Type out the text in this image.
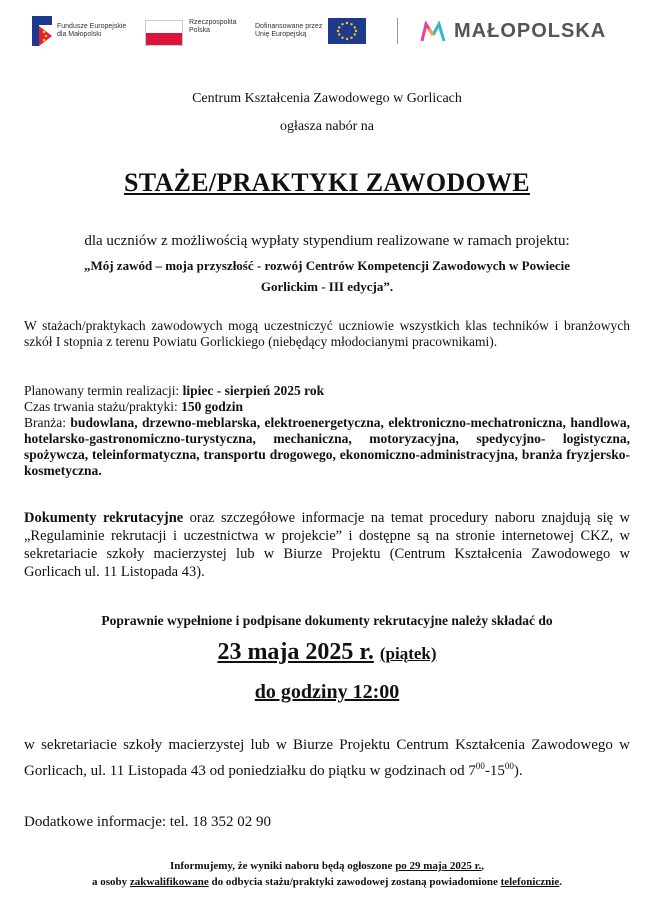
Fundusze Europejskie
dla Małopolski
Rzeczpospolita
Polska
Dofinansowane przez
Unię Europejską	MAŁOPOLSKA
Centrum Kształcenia Zawodowego w Gorlicach
ogłasza nabór na
STAŻE/PRAKTYKI ZAWODOWE
dla uczniów z możliwością wypłaty stypendium realizowane w ramach projektu:
„Mój zawód – moja przyszłość - rozwój Centrów Kompetencji Zawodowych w Powiecie
Gorlickim - III edycja”.
W stażach/praktykach zawodowych mogą uczestniczyć uczniowie wszystkich klas techników i branżowych szkół I stopnia z terenu Powiatu Gorlickiego (niebędący młodocianymi pracownikami).
Planowany termin realizacji: lipiec - sierpień 2025 rok
Czas trwania stażu/praktyki: 150 godzin
Branża: budowlana, drzewno-meblarska, elektroenergetyczna, elektroniczno-mechatroniczna, handlowa, hotelarsko-gastronomiczno-turystyczna, mechaniczna, motoryzacyjna, spedycyjno- logistyczna, spożywcza, teleinformatyczna, transportu drogowego, ekonomiczno-administracyjna, branża fryzjersko-kosmetyczna.
Dokumenty rekrutacyjne oraz szczegółowe informacje na temat procedury naboru znajdują się w „Regulaminie rekrutacji i uczestnictwa w projekcie” i dostępne są na stronie internetowej CKZ, w sekretariacie szkoły macierzystej lub w Biurze Projektu (Centrum Kształcenia Zawodowego w Gorlicach ul. 11 Listopada 43).
Poprawnie wypełnione i podpisane dokumenty rekrutacyjne należy składać do
23 maja 2025 r. (piątek)
do godziny 12:00
w sekretariacie szkoły macierzystej lub w Biurze Projektu Centrum Kształcenia Zawodowego w Gorlicach, ul. 11 Listopada 43 od poniedziałku do piątku w godzinach od $7^{00}-15^{00}$).
Dodatkowe informacje: tel. 18 352 02 90
Informujemy, że wyniki naboru będą ogłoszone po 29 maja 2025 r.,
a osoby zakwalifikowane do odbycia stażu/praktyki zawodowej zostaną powiadomione telefonicznie.
